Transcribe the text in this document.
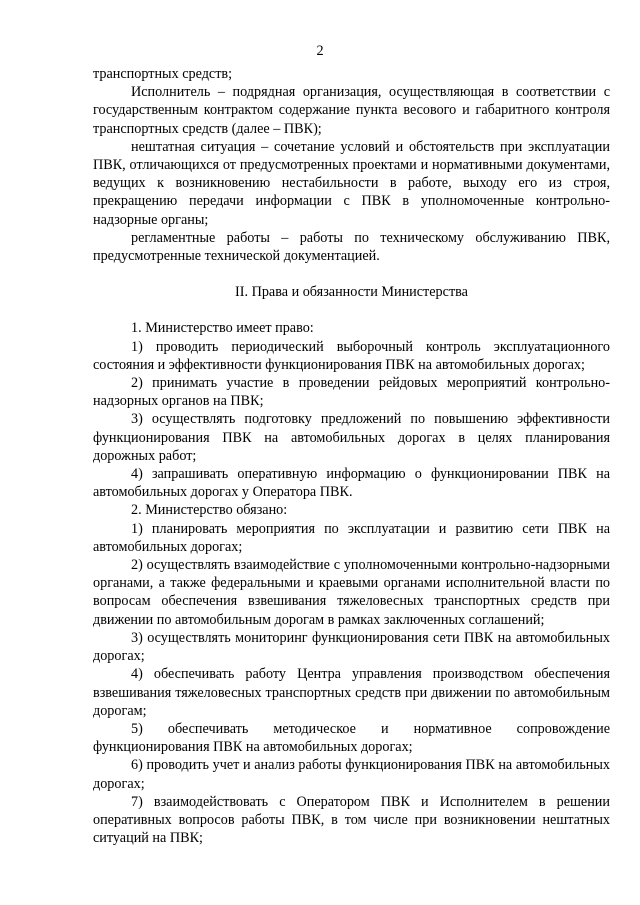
2

транспортных средств;

Исполнитель – подрядная организация, осуществляющая в соответствии с государственным контрактом содержание пункта весового и габаритного контроля транспортных средств (далее – ПВК);

нештатная ситуация – сочетание условий и обстоятельств при эксплуатации ПВК, отличающихся от предусмотренных проектами и нормативными документами, ведущих к возникновению нестабильности в работе, выходу его из строя, прекращению передачи информации с ПВК в уполномоченные контрольно-надзорные органы;

регламентные работы – работы по техническому обслуживанию ПВК, предусмотренные технической документацией.

II. Права и обязанности Министерства

1. Министерство имеет право:

1) проводить периодический выборочный контроль эксплуатационного состояния и эффективности функционирования ПВК на автомобильных дорогах;

2) принимать участие в проведении рейдовых мероприятий контрольно-надзорных органов на ПВК;

3) осуществлять подготовку предложений по повышению эффективности функционирования ПВК на автомобильных дорогах в целях планирования дорожных работ;

4) запрашивать оперативную информацию о функционировании ПВК на автомобильных дорогах у Оператора ПВК.

2. Министерство обязано:

1) планировать мероприятия по эксплуатации и развитию сети ПВК на автомобильных дорогах;

2) осуществлять взаимодействие с уполномоченными контрольно-надзорными органами, а также федеральными и краевыми органами исполнительной власти по вопросам обеспечения взвешивания тяжеловесных транспортных средств при движении по автомобильным дорогам в рамках заключенных соглашений;

3) осуществлять мониторинг функционирования сети ПВК на автомобильных дорогах;

4) обеспечивать работу Центра управления производством обеспечения взвешивания тяжеловесных транспортных средств при движении по автомобильным дорогам;

5) обеспечивать методическое и нормативное сопровождение функционирования ПВК на автомобильных дорогах;

6) проводить учет и анализ работы функционирования ПВК на автомобильных дорогах;

7) взаимодействовать с Оператором ПВК и Исполнителем в решении оперативных вопросов работы ПВК, в том числе при возникновении нештатных ситуаций на ПВК;
